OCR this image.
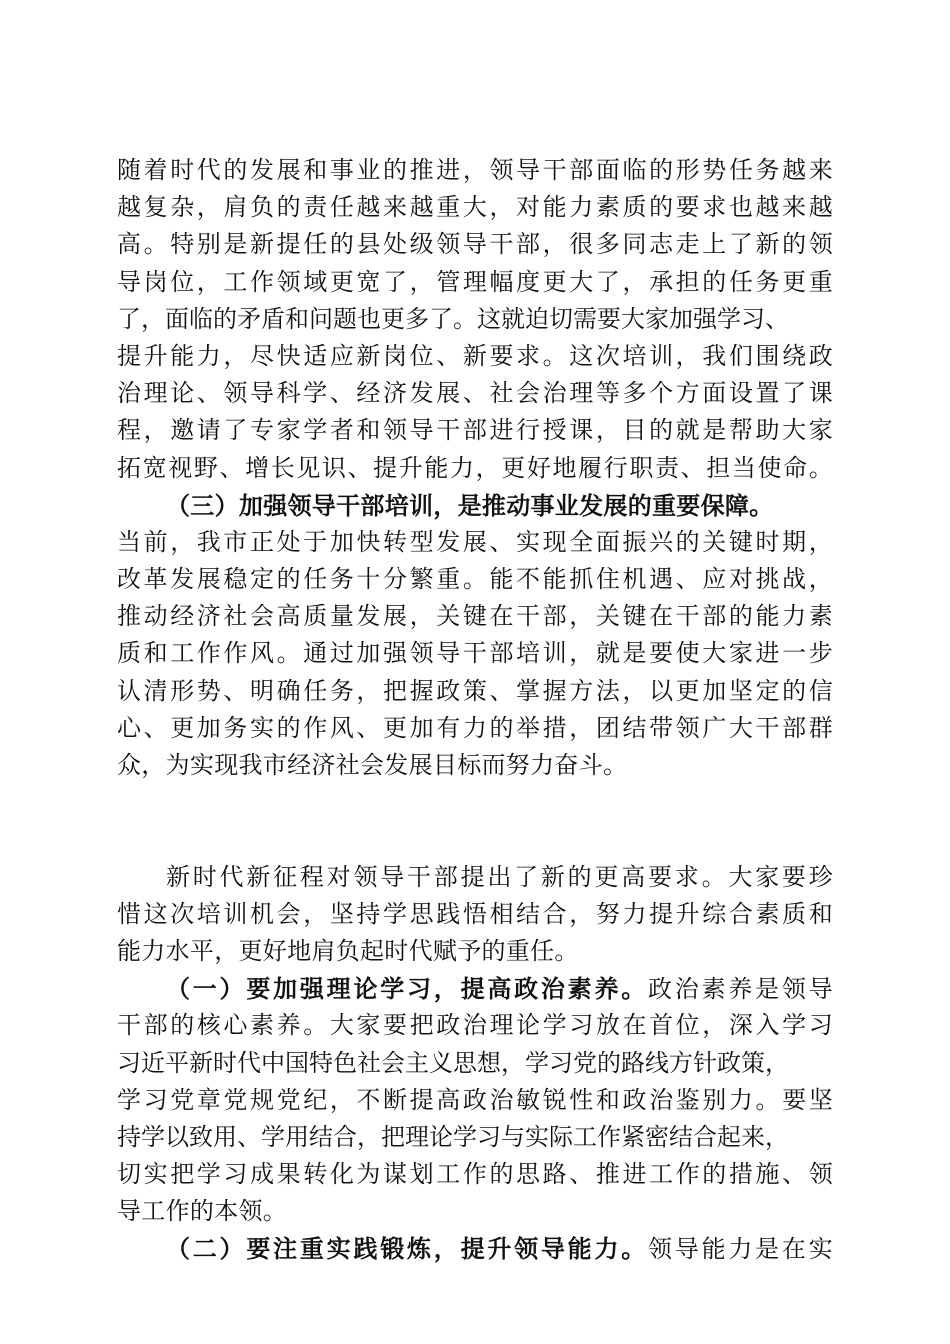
随着时代的发展和事业的推进，领导干部面临的形势任务越来
越复杂，肩负的责任越来越重大，对能力素质的要求也越来越
高。特别是新提任的县处级领导干部，很多同志走上了新的领
导岗位，工作领域更宽了，管理幅度更大了，承担的任务更重
了，面临的矛盾和问题也更多了。这就迫切需要大家加强学习、
提升能力，尽快适应新岗位、新要求。这次培训，我们围绕政
治理论、领导科学、经济发展、社会治理等多个方面设置了课
程，邀请了专家学者和领导干部进行授课，目的就是帮助大家
拓宽视野、增长见识、提升能力，更好地履行职责、担当使命。
（三）加强领导干部培训，是推动事业发展的重要保障。
当前，我市正处于加快转型发展、实现全面振兴的关键时期，
改革发展稳定的任务十分繁重。能不能抓住机遇、应对挑战，
推动经济社会高质量发展，关键在干部，关键在干部的能力素
质和工作作风。通过加强领导干部培训，就是要使大家进一步
认清形势、明确任务，把握政策、掌握方法，以更加坚定的信
心、更加务实的作风、更加有力的举措，团结带领广大干部群
众，为实现我市经济社会发展目标而努力奋斗。
新时代新征程对领导干部提出了新的更高要求。大家要珍
惜这次培训机会，坚持学思践悟相结合，努力提升综合素质和
能力水平，更好地肩负起时代赋予的重任。
（一）要加强理论学习，提高政治素养。政治素养是领导
干部的核心素养。大家要把政治理论学习放在首位，深入学习
习近平新时代中国特色社会主义思想，学习党的路线方针政策，
学习党章党规党纪，不断提高政治敏锐性和政治鉴别力。要坚
持学以致用、学用结合，把理论学习与实际工作紧密结合起来，
切实把学习成果转化为谋划工作的思路、推进工作的措施、领
导工作的本领。
（二）要注重实践锻炼，提升领导能力。领导能力是在实
